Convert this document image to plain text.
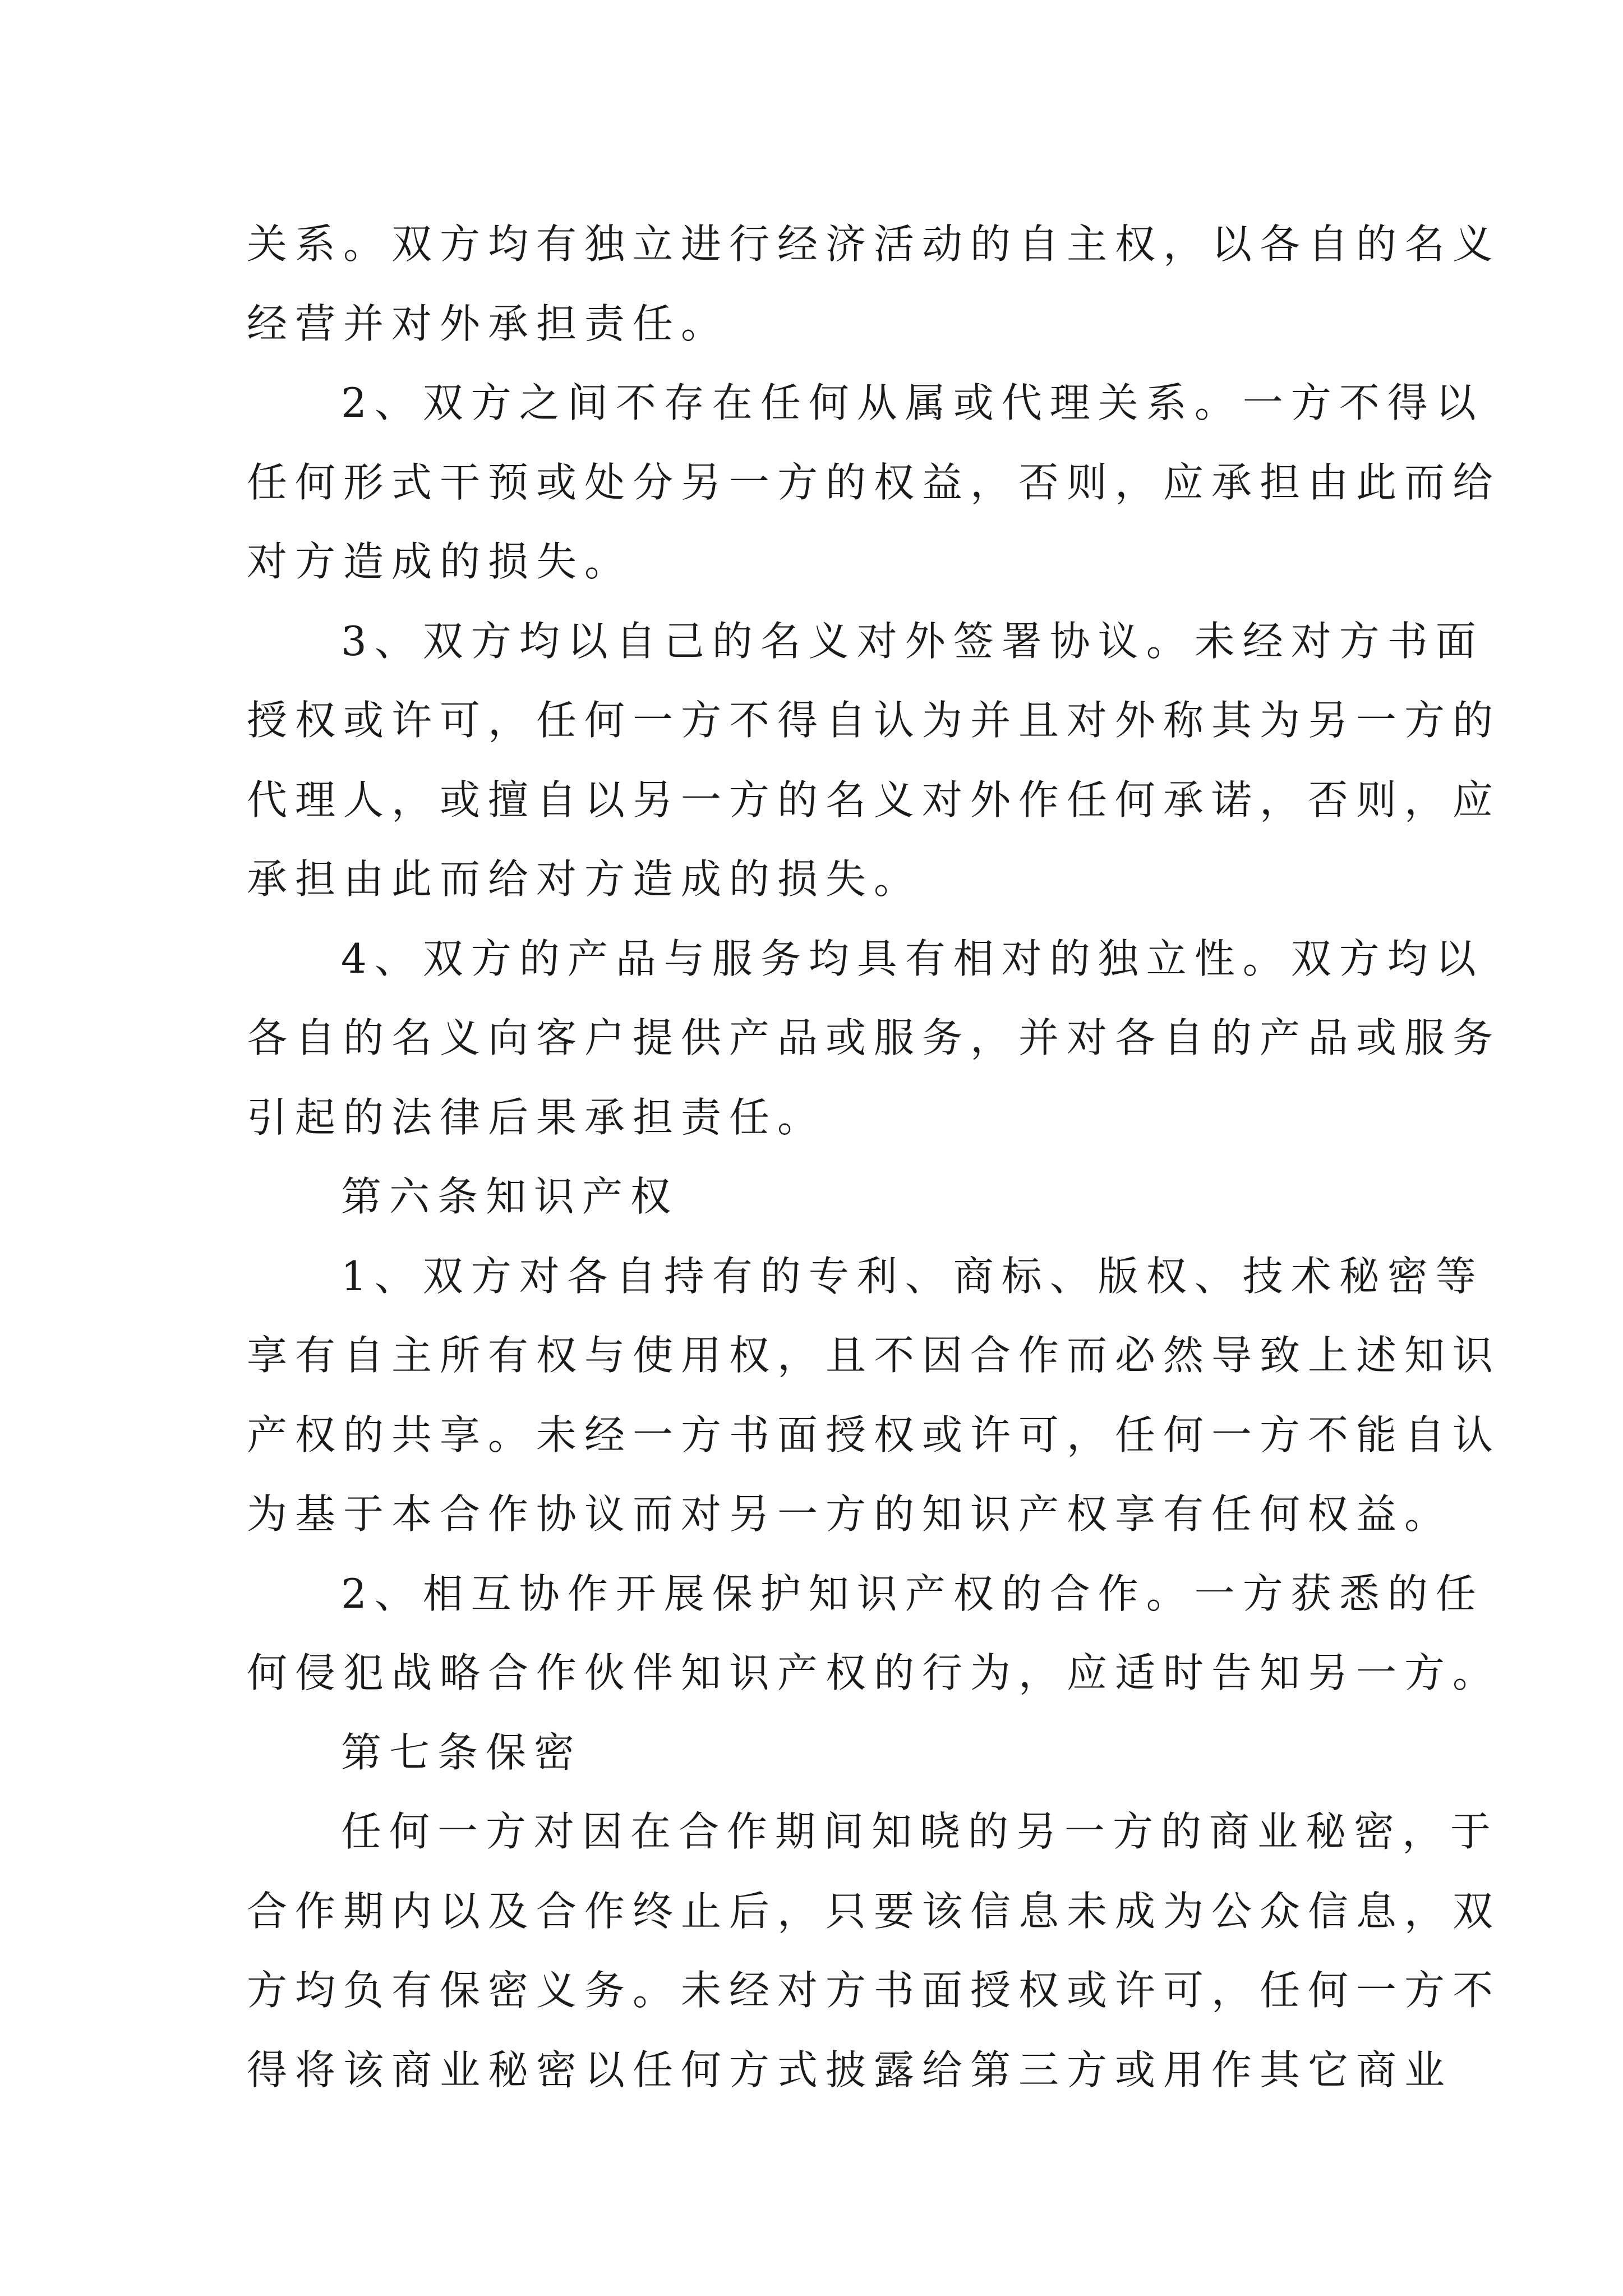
关系。双方均有独立进行经济活动的自主权，以各自的名义

经营并对外承担责任。

2、双方之间不存在任何从属或代理关系。一方不得以

任何形式干预或处分另一方的权益，否则，应承担由此而给

对方造成的损失。

3、双方均以自己的名义对外签署协议。未经对方书面

授权或许可，任何一方不得自认为并且对外称其为另一方的

代理人，或擅自以另一方的名义对外作任何承诺，否则，应

承担由此而给对方造成的损失。

4、双方的产品与服务均具有相对的独立性。双方均以

各自的名义向客户提供产品或服务，并对各自的产品或服务

引起的法律后果承担责任。

第六条知识产权

1、双方对各自持有的专利、商标、版权、技术秘密等

享有自主所有权与使用权，且不因合作而必然导致上述知识

产权的共享。未经一方书面授权或许可，任何一方不能自认

为基于本合作协议而对另一方的知识产权享有任何权益。

2、相互协作开展保护知识产权的合作。一方获悉的任

何侵犯战略合作伙伴知识产权的行为，应适时告知另一方。

第七条保密

任何一方对因在合作期间知晓的另一方的商业秘密，于

合作期内以及合作终止后，只要该信息未成为公众信息，双

方均负有保密义务。未经对方书面授权或许可，任何一方不

得将该商业秘密以任何方式披露给第三方或用作其它商业
